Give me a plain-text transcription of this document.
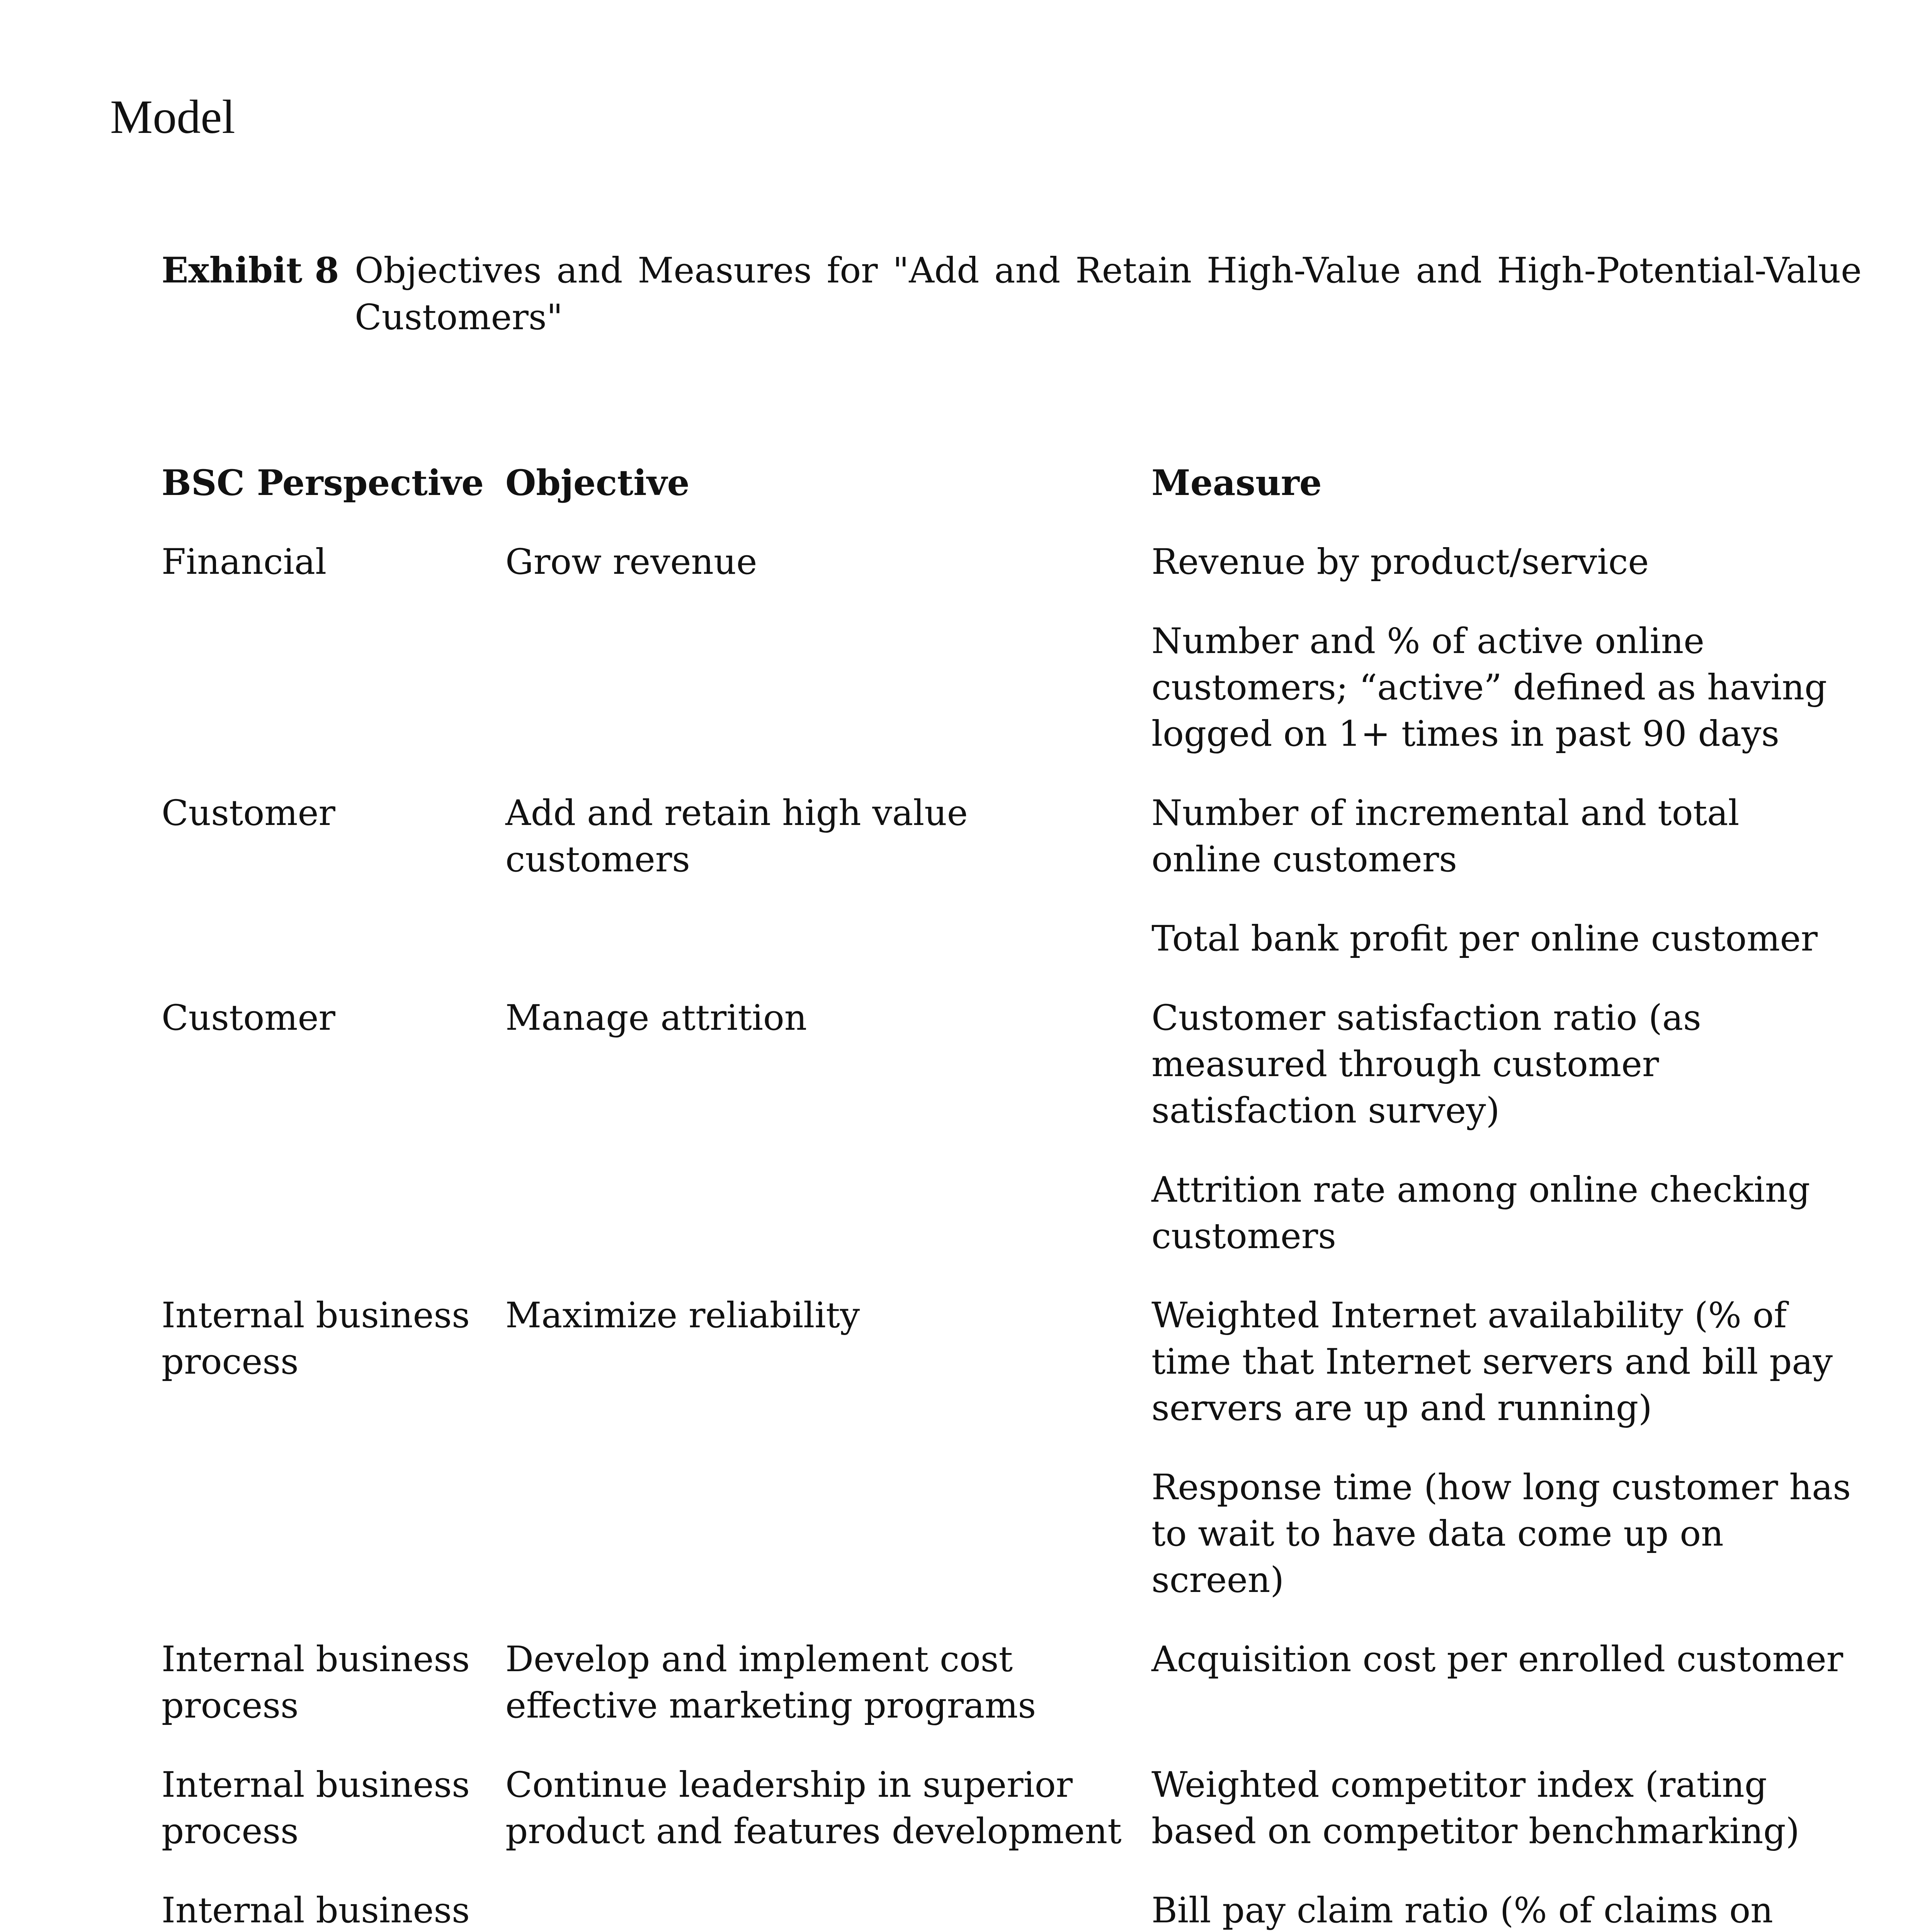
Model
Exhibit 8 Objectives and Measures for "Add and Retain High-Value and High-Potential-Value Customers"
BSC Perspective	Objective	Measure
Financial	Grow revenue	Revenue by product/service
		Number and % of active online customers; “active” defined as having logged on 1+ times in past 90 days
Customer	Add and retain high value customers	Number of incremental and total online customers
		Total bank profit per online customer
Customer	Manage attrition	Customer satisfaction ratio (as measured through customer satisfaction survey)
		Attrition rate among online checking customers
Internal business process	Maximize reliability	Weighted Internet availability (% of time that Internet servers and bill pay servers are up and running)
		Response time (how long customer has to wait to have data come up on screen)
Internal business process	Develop and implement cost effective marketing programs	Acquisition cost per enrolled customer
Internal business process	Continue leadership in superior product and features development	Weighted competitor index (rating based on competitor benchmarking)
Internal business		Bill pay claim ratio (% of claims on
